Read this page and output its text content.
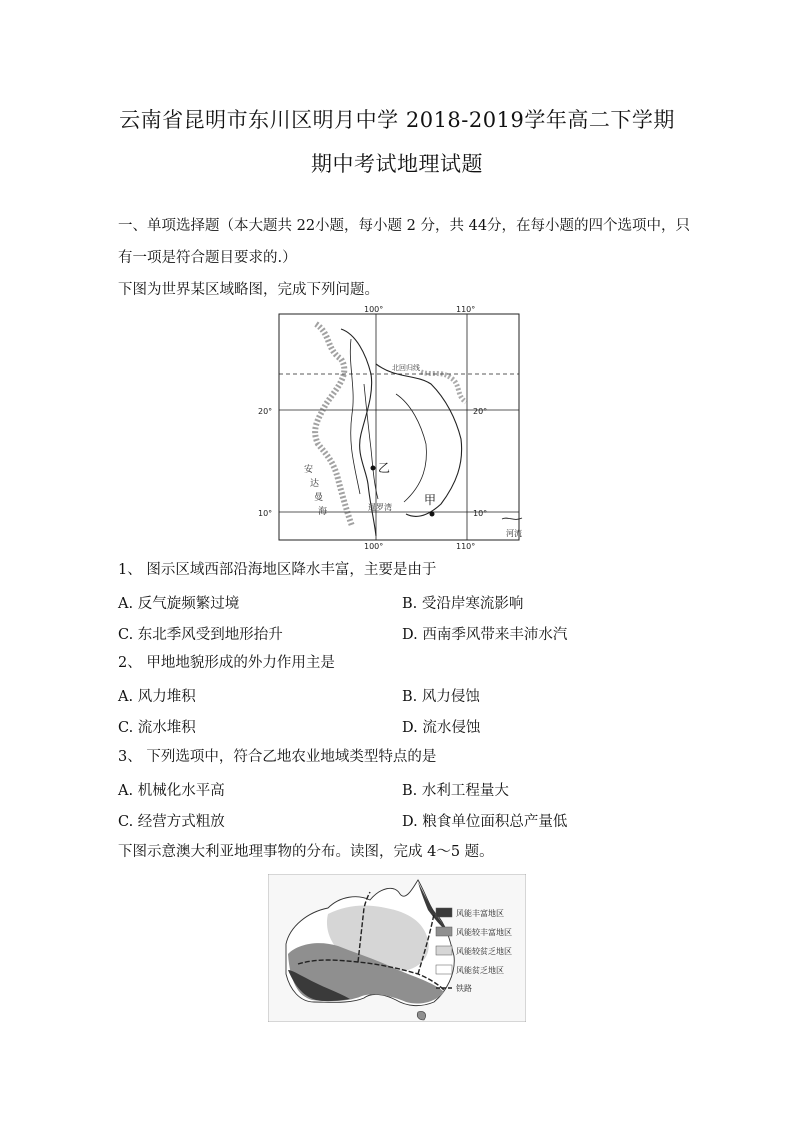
云南省昆明市东川区明月中学 2018-2019学年高二下学期
期中考试地理试题
一、单项选择题（本大题共 22小题，每小题 2 分，共 44分，在每小题的四个选项中，只
有一项是符合题目要求的.）
下图为世界某区域略图，完成下列问题。
乙
甲
100°	110°
100°	110°
20°
10°
20°
10°
北回归线
安
达
曼
海	暹罗湾
河流
1、 图示区域西部沿海地区降水丰富，主要是由于
A. 反气旋频繁过境	B. 受沿岸寒流影响
C. 东北季风受到地形抬升	D. 西南季风带来丰沛水汽
2、 甲地地貌形成的外力作用主是
A. 风力堆积	B. 风力侵蚀
C. 流水堆积	D. 流水侵蚀
3、 下列选项中，符合乙地农业地域类型特点的是
A. 机械化水平高	B. 水利工程量大
C. 经营方式粗放	D. 粮食单位面积总产量低
下图示意澳大利亚地理事物的分布。读图，完成 4～5 题。
风能丰富地区
风能较丰富地区
风能较贫乏地区
风能贫乏地区
铁路
